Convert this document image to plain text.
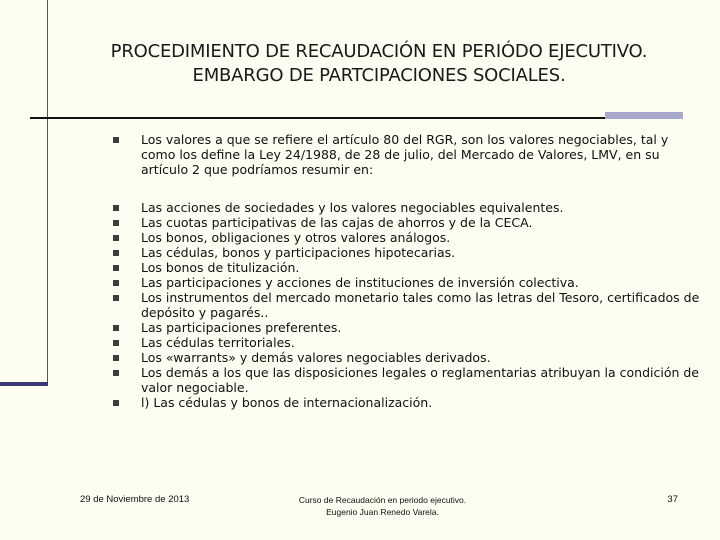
PROCEDIMIENTO DE RECAUDACIÓN EN PERIÓDO EJECUTIVO.
EMBARGO DE PARTCIPACIONES SOCIALES.
Los valores a que se refiere el artículo 80 del RGR, son los valores negociables, tal y como los define la Ley 24/1988, de 28 de julio, del Mercado de Valores, LMV, en su artículo 2 que podríamos resumir en:
Las acciones de sociedades y los valores negociables equivalentes.
Las cuotas participativas de las cajas de ahorros y de la CECA.
Los bonos, obligaciones y otros valores análogos.
Las cédulas, bonos y participaciones hipotecarias.
Los bonos de titulización.
Las participaciones y acciones de instituciones de inversión colectiva.
Los instrumentos del mercado monetario tales como las letras del Tesoro, certificados de depósito y pagarés..
Las participaciones preferentes.
Las cédulas territoriales.
Los «warrants» y demás valores negociables derivados.
Los demás a los que las disposiciones legales o reglamentarias atribuyan la condición de valor negociable.
l) Las cédulas y bonos de internacionalización.
29 de Noviembre de 2013	Curso de Recaudación en periodo ejecutivo.
Eugenio Juan Renedo Varela.
37
